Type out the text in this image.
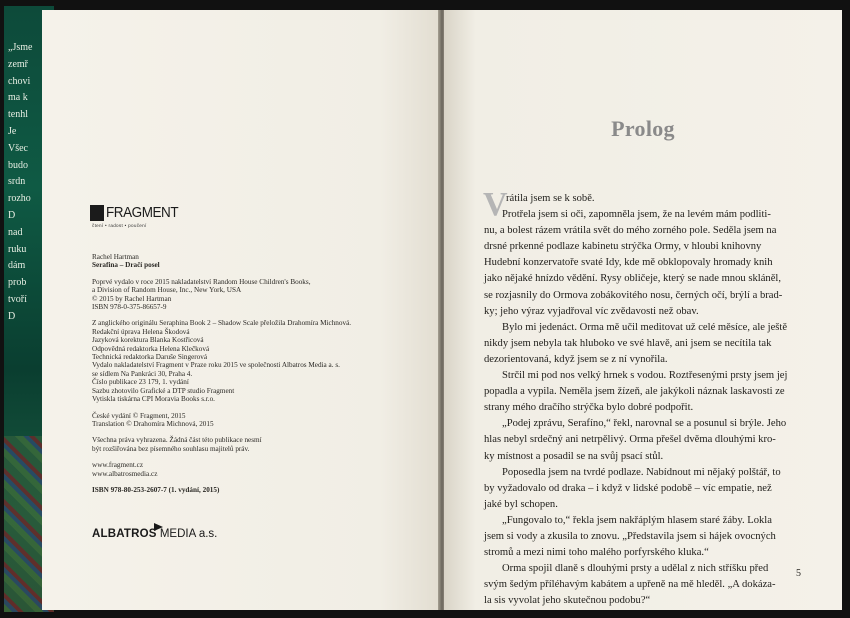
„Jsme
zemř
chovi
ma k
tenhl
Je
Všec
budo
srdn
rozho
D
nad
ruku
dám
prob
tvoří
D
FRAGMENT
čtení • radost • poučení

Rachel Hartman

Serafina – Dračí posel

Poprvé vydalo v roce 2015 nakladatelství Random House Children's Books,

a Division of Random House, Inc., New York, USA

© 2015 by Rachel Hartman

ISBN 978-0-375-86657-9

Z anglického originálu Seraphina Book 2 – Shadow Scale přeložila Drahomíra Michnová.

Redakční úprava Helena Škodová

Jazyková korektura Blanka Kostřicová

Odpovědná redaktorka Helena Klečková

Technická redaktorka Daruše Singerová

Vydalo nakladatelství Fragment v Praze roku 2015 ve společnosti Albatros Media a. s.

se sídlem Na Pankráci 30, Praha 4.

Číslo publikace 23 179, 1. vydání

Sazbu zhotovilo Grafické a DTP studio Fragment

Vytiskla tiskárna CPI Moravia Books s.r.o.

České vydání © Fragment, 2015

Translation © Drahomíra Michnová, 2015

Všechna práva vyhrazena. Žádná část této publikace nesmí

být rozšiřována bez písemného souhlasu majitelů práv.

www.fragment.cz

www.albatrosmedia.cz

ISBN 978-80-253-2607-7 (1. vydání, 2015)

ALBATROS MEDIA a.s.
Prolog
V

rátila jsem se k sobě.

Protřela jsem si oči, zapomněla jsem, že na levém mám podliti-

nu, a bolest rázem vrátila svět do mého zorného pole. Seděla jsem na

drsné prkenné podlaze kabinetu strýčka Ormy, v hloubi knihovny

Hudební konzervatoře svaté Idy, kde mě obklopovaly hromady knih

jako nějaké hnízdo vědění. Rysy obličeje, který se nade mnou skláněl,

se rozjasnily do Ormova zobákovitého nosu, černých očí, brýlí a brad-

ky; jeho výraz vyjadřoval víc zvědavosti než obav.

Bylo mi jedenáct. Orma mě učil meditovat už celé měsíce, ale ještě

nikdy jsem nebyla tak hluboko ve své hlavě, ani jsem se necítila tak

dezorientovaná, když jsem se z ní vynořila.

Strčil mi pod nos velký hrnek s vodou. Roztřesenými prsty jsem jej

popadla a vypila. Neměla jsem žízeň, ale jakýkoli náznak laskavosti ze

strany mého dračího strýčka bylo dobré podpořit.

„Podej zprávu, Serafíno,“ řekl, narovnal se a posunul si brýle. Jeho

hlas nebyl srdečný ani netrpělivý. Orma přešel dvěma dlouhými kro-

ky místnost a posadil se na svůj psací stůl.

Poposedla jsem na tvrdé podlaze. Nabídnout mi nějaký polštář, to

by vyžadovalo od draka – i když v lidské podobě – víc empatie, než

jaké byl schopen.

„Fungovalo to,“ řekla jsem nakřáplým hlasem staré žáby. Lokla

jsem si vody a zkusila to znovu. „Představila jsem si hájek ovocných

stromů a mezi nimi toho malého porfyrského kluka.“

Orma spojil dlaně s dlouhými prsty a udělal z nich stříšku před

svým šedým příléhavým kabátem a upřeně na mě hleděl. „A dokáza-

la sis vyvolat jeho skutečnou podobu?“

5
